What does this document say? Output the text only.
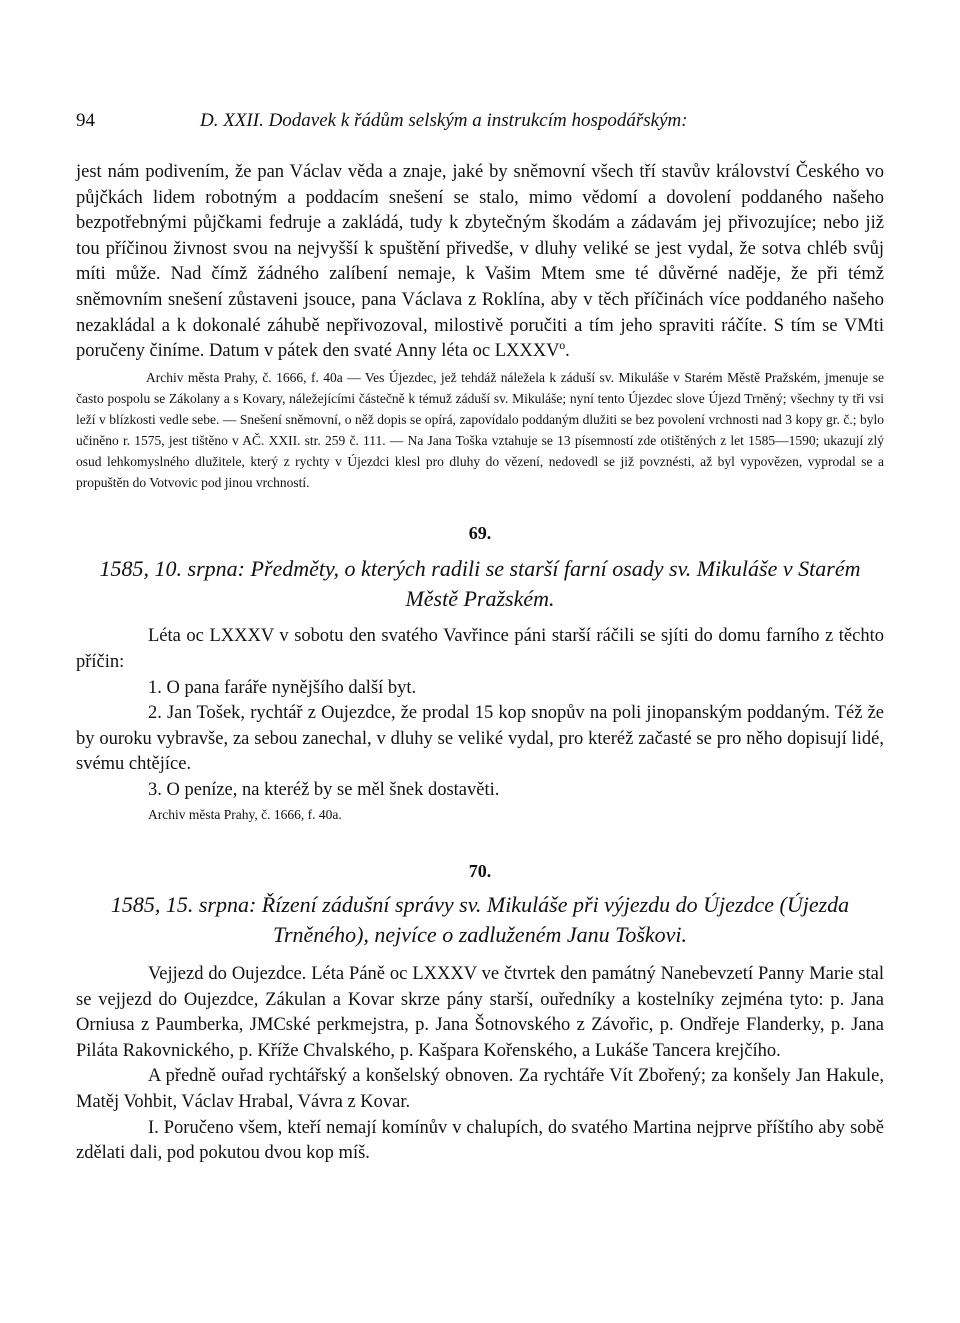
94	D. XXII. Dodavek k řádům selským a instrukcím hospodářským:

jest nám podivením, že pan Václav věda a znaje, jaké by sněmovní všech tří stavův království Českého vo půjčkách lidem robotným a poddacím snešení se stalo, mimo vědomí a dovolení poddaného našeho bezpotřebnými půjčkami fedruje a zakládá, tudy k zbytečným škodám a zádavám jej přivozujíce; nebo již tou příčinou živnost svou na nejvyšší k spuštění přivedše, v dluhy veliké se jest vydal, že sotva chléb svůj míti může. Nad čímž žádného zalíbení nemaje, k Vašim Mtem sme té důvěrné naděje, že při témž sněmovním snešení zůstaveni jsouce, pana Václava z Roklína, aby v těch příčinách více poddaného našeho nezakládal a k dokonalé záhubě nepřivozoval, milostivě poručiti a tím jeho spraviti ráčíte. S tím se VMti poručeny činíme. Datum v pátek den svaté Anny léta oc LXXXVº.

Archiv města Prahy, č. 1666, f. 40a — Ves Újezdec, jež tehdáž náležela k záduší sv. Mikuláše v Starém Městě Pražském, jmenuje se často pospolu se Zákolany a s Kovary, náležejícími částečně k témuž záduší sv. Mikuláše; nyní tento Újezdec slove Újezd Trněný; všechny ty tři vsi leží v blízkosti vedle sebe. — Snešení sněmovní, o něž dopis se opírá, zapovídalo poddaným dlužiti se bez povolení vrchnosti nad 3 kopy gr. č.; bylo učiněno r. 1575, jest tištěno v AČ. XXII. str. 259 č. 111. — Na Jana Toška vztahuje se 13 písemností zde otištěných z let 1585—1590; ukazují zlý osud lehkomyslného dlužitele, který z rychty v Újezdci klesl pro dluhy do vězení, nedovedl se již povznésti, až byl vypovězen, vyprodal se a propuštěn do Votvovic pod jinou vrchností.

69.

1585, 10. srpna: Předměty, o kterých radili se starší farní osady sv. Mikuláše v Starém Městě Pražském.

Léta oc LXXXV v sobotu den svatého Vavřince páni starší ráčili se sjíti do domu farního z těchto příčin:

1. O pana faráře nynějšího další byt.

2. Jan Tošek, rychtář z Oujezdce, že prodal 15 kop snopův na poli jinopanským poddaným. Též že by ouroku vybravše, za sebou zanechal, v dluhy se veliké vydal, pro kteréž začasté se pro něho dopisují lidé, svému chtějíce.

3. O peníze, na kteréž by se měl šnek dostavěti.

Archiv města Prahy, č. 1666, f. 40a.

70.

1585, 15. srpna: Řízení zádušní správy sv. Mikuláše při výjezdu do Újezdce (Újezda Trněného), nejvíce o zadluženém Janu Toškovi.

Vejjezd do Oujezdce. Léta Páně oc LXXXV ve čtvrtek den památný Nanebevzetí Panny Marie stal se vejjezd do Oujezdce, Zákulan a Kovar skrze pány starší, ouředníky a kostelníky zejména tyto: p. Jana Orniusa z Paumberka, JMCské perkmejstra, p. Jana Šotnovského z Závořic, p. Ondřeje Flanderky, p. Jana Piláta Rakovnického, p. Kříže Chvalského, p. Kašpara Kořenského, a Lukáše Tancera krejčího.

A předně ouřad rychtářský a konšelský obnoven. Za rychtáře Vít Zbořený; za konšely Jan Hakule, Matěj Vohbit, Václav Hrabal, Vávra z Kovar.

I. Poručeno všem, kteří nemají komínův v chalupích, do svatého Martina nejprve příštího aby sobě zdělati dali, pod pokutou dvou kop míš.
